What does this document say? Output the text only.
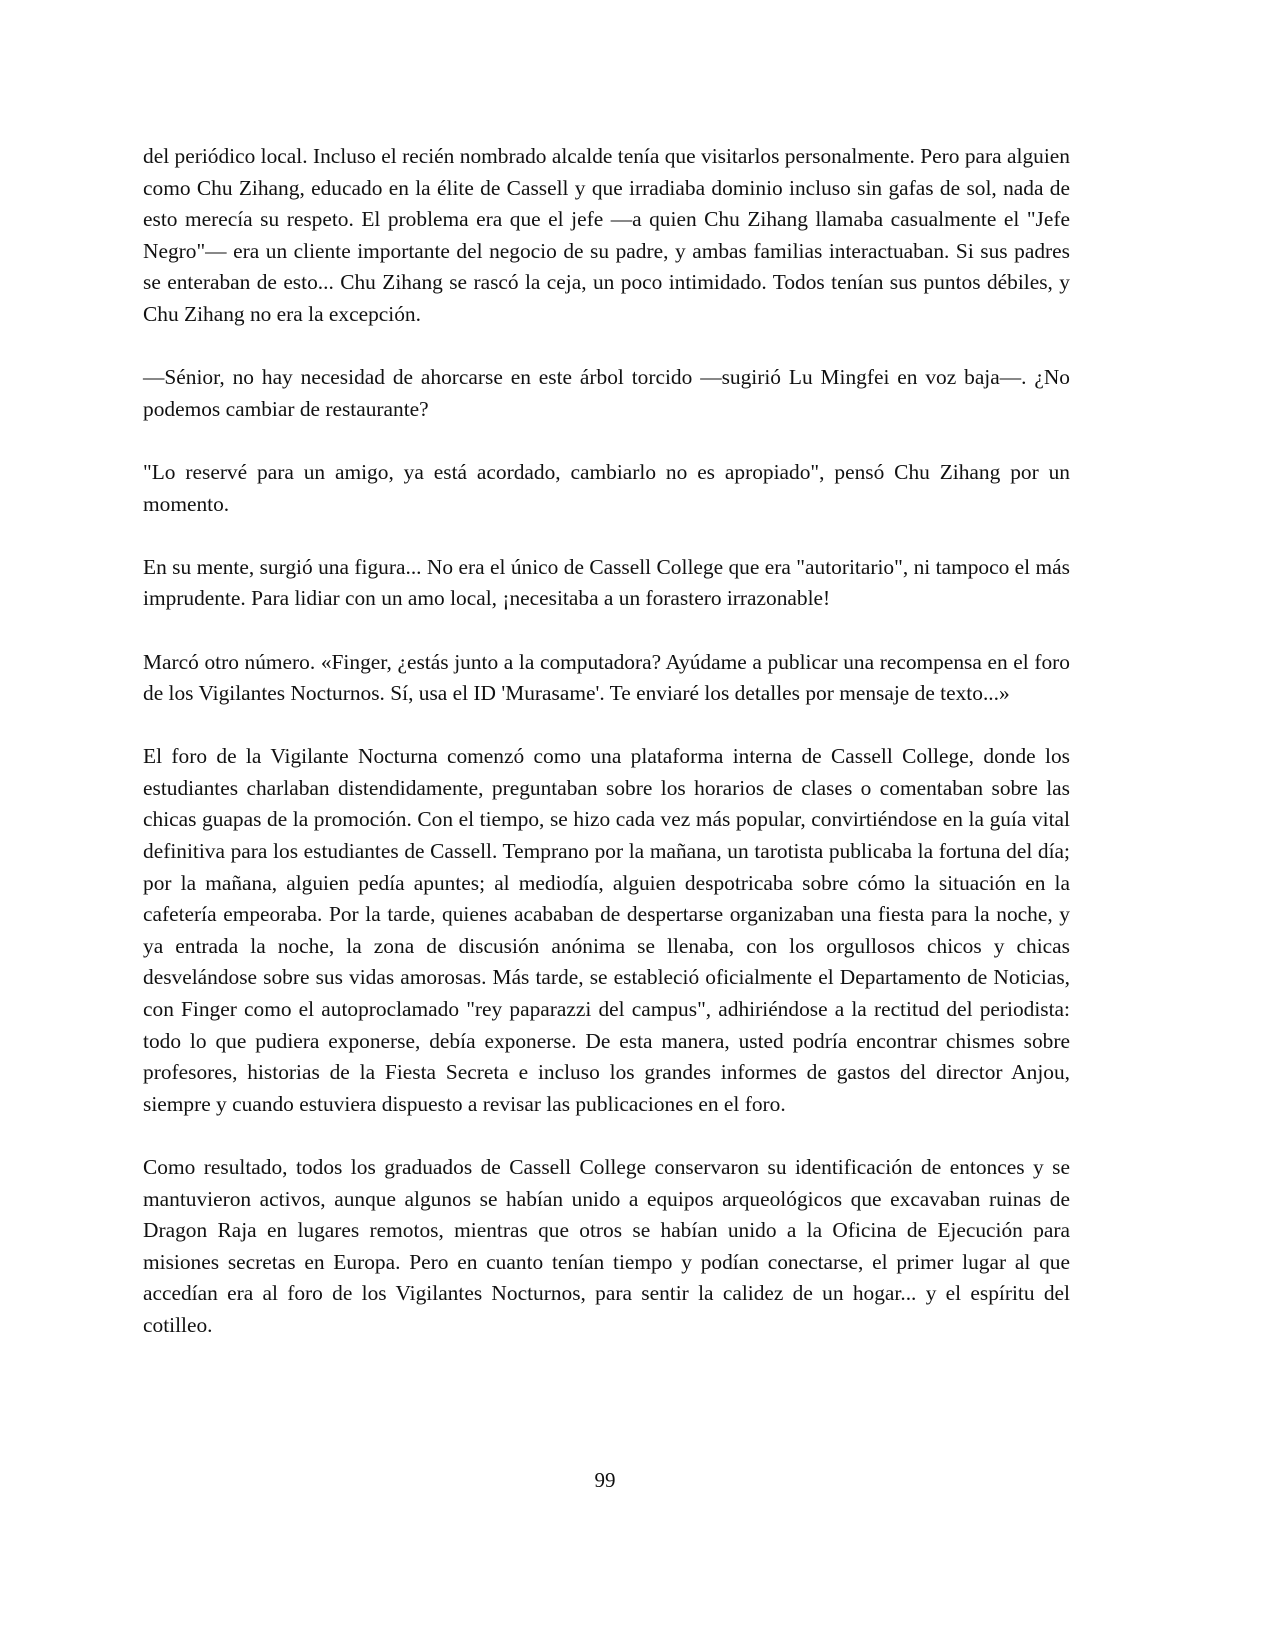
del periódico local. Incluso el recién nombrado alcalde tenía que visitarlos personalmente. Pero para alguien como Chu Zihang, educado en la élite de Cassell y que irradiaba dominio incluso sin gafas de sol, nada de esto merecía su respeto. El problema era que el jefe —a quien Chu Zihang llamaba casualmente el "Jefe Negro"— era un cliente importante del negocio de su padre, y ambas familias interactuaban. Si sus padres se enteraban de esto... Chu Zihang se rascó la ceja, un poco intimidado. Todos tenían sus puntos débiles, y Chu Zihang no era la excepción.

—Sénior, no hay necesidad de ahorcarse en este árbol torcido —sugirió Lu Mingfei en voz baja—. ¿No podemos cambiar de restaurante?

"Lo reservé para un amigo, ya está acordado, cambiarlo no es apropiado", pensó Chu Zihang por un momento.

En su mente, surgió una figura... No era el único de Cassell College que era "autoritario", ni tampoco el más imprudente. Para lidiar con un amo local, ¡necesitaba a un forastero irrazonable!

Marcó otro número. «Finger, ¿estás junto a la computadora? Ayúdame a publicar una recompensa en el foro de los Vigilantes Nocturnos. Sí, usa el ID 'Murasame'. Te enviaré los detalles por mensaje de texto...»

El foro de la Vigilante Nocturna comenzó como una plataforma interna de Cassell College, donde los estudiantes charlaban distendidamente, preguntaban sobre los horarios de clases o comentaban sobre las chicas guapas de la promoción. Con el tiempo, se hizo cada vez más popular, convirtiéndose en la guía vital definitiva para los estudiantes de Cassell. Temprano por la mañana, un tarotista publicaba la fortuna del día; por la mañana, alguien pedía apuntes; al mediodía, alguien despotricaba sobre cómo la situación en la cafetería empeoraba. Por la tarde, quienes acababan de despertarse organizaban una fiesta para la noche, y ya entrada la noche, la zona de discusión anónima se llenaba, con los orgullosos chicos y chicas desvelándose sobre sus vidas amorosas. Más tarde, se estableció oficialmente el Departamento de Noticias, con Finger como el autoproclamado "rey paparazzi del campus", adhiriéndose a la rectitud del periodista: todo lo que pudiera exponerse, debía exponerse. De esta manera, usted podría encontrar chismes sobre profesores, historias de la Fiesta Secreta e incluso los grandes informes de gastos del director Anjou, siempre y cuando estuviera dispuesto a revisar las publicaciones en el foro.

Como resultado, todos los graduados de Cassell College conservaron su identificación de entonces y se mantuvieron activos, aunque algunos se habían unido a equipos arqueológicos que excavaban ruinas de Dragon Raja en lugares remotos, mientras que otros se habían unido a la Oficina de Ejecución para misiones secretas en Europa. Pero en cuanto tenían tiempo y podían conectarse, el primer lugar al que accedían era al foro de los Vigilantes Nocturnos, para sentir la calidez de un hogar... y el espíritu del cotilleo.

99
